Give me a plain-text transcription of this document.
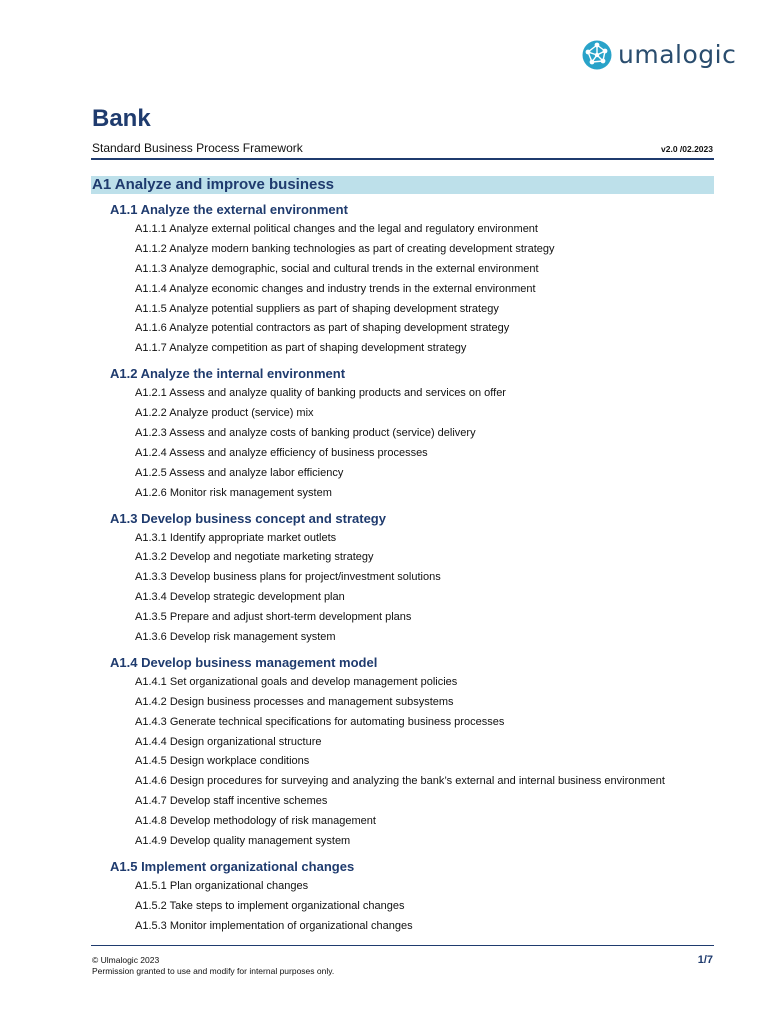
umalogic
Bank
Standard Business Process Framework	v2.0 /02.2023
A1 Analyze and improve business
A1.1 Analyze the external environment
A1.1.1 Analyze external political changes and the legal and regulatory environment
A1.1.2 Analyze modern banking technologies as part of creating development strategy
A1.1.3 Analyze demographic, social and cultural trends in the external environment
A1.1.4 Analyze economic changes and industry trends in the external environment
A1.1.5 Analyze potential suppliers as part of shaping development strategy
A1.1.6 Analyze potential contractors as part of shaping development strategy
A1.1.7 Analyze competition as part of shaping development strategy
A1.2 Analyze the internal environment
A1.2.1 Assess and analyze quality of banking products and services on offer
A1.2.2 Analyze product (service) mix
A1.2.3 Assess and analyze costs of banking product (service) delivery
A1.2.4 Assess and analyze efficiency of business processes
A1.2.5 Assess and analyze labor efficiency
A1.2.6 Monitor risk management system
A1.3 Develop business concept and strategy
A1.3.1 Identify appropriate market outlets
A1.3.2 Develop and negotiate marketing strategy
A1.3.3 Develop business plans for project/investment solutions
A1.3.4 Develop strategic development plan
A1.3.5 Prepare and adjust short-term development plans
A1.3.6 Develop risk management system
A1.4 Develop business management model
A1.4.1 Set organizational goals and develop management policies
A1.4.2 Design business processes and management subsystems
A1.4.3 Generate technical specifications for automating business processes
A1.4.4 Design organizational structure
A1.4.5 Design workplace conditions
A1.4.6 Design procedures for surveying and analyzing the bank’s external and internal business environment
A1.4.7 Develop staff incentive schemes
A1.4.8 Develop methodology of risk management
A1.4.9 Develop quality management system
A1.5 Implement organizational changes
A1.5.1 Plan organizational changes
A1.5.2 Take steps to implement organizational changes
A1.5.3 Monitor implementation of organizational changes
© Ulmalogic 2023
Permission granted to use and modify for internal purposes only.
1/7
